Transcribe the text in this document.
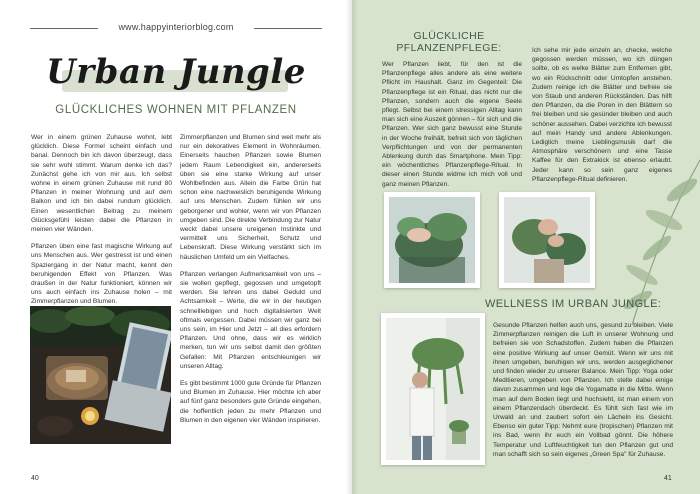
www.happyinteriorblog.com
Urban Jungle
GLÜCKLICHES WOHNEN MIT PFLANZEN

Wer in einem grünen Zuhause wohnt, lebt glücklich. Diese Formel scheint einfach und banal. Dennoch bin ich davon überzeugt, dass sie sehr wohl stimmt. Warum denke ich das? Zunächst gehe ich von mir aus. Ich selbst wohne in einem grünen Zuhause mit rund 80 Pflanzen in meiner Wohnung und auf dem Balkon und ich bin dabei rundum glücklich. Einen wesentlichen Beitrag zu meinem Glücksgefühl leisten dabei die Pflanzen in meinen vier Wänden.

Pflanzen üben eine fast magische Wirkung auf uns Menschen aus. Wer gestresst ist und einen Spaziergang in der Natur macht, kennt den beruhigenden Effekt von Pflanzen. Was draußen in der Natur funktioniert, können wir uns auch einfach ins Zuhause holen – mit Zimmerpflanzen und Blumen.

Zimmerpflanzen und Blumen sind weit mehr als nur ein dekoratives Element in Wohnräumen. Einerseits hauchen Pflanzen sowie Blumen jedem Raum Lebendigkeit ein, andererseits üben sie eine starke Wirkung auf unser Wohlbefinden aus. Allein die Farbe Grün hat schon eine nachweislich beruhigende Wirkung auf uns Menschen. Zudem fühlen wir uns geborgener und wohler, wenn wir von Pflanzen umgeben sind. Die direkte Verbindung zur Natur weckt dabei unsere ureigenen Instinkte und vermittelt uns Sicherheit, Schutz und Lebenskraft. Diese Wirkung verstärkt sich im häuslichen Umfeld um ein Vielfaches.

Pflanzen verlangen Aufmerksamkeit von uns – sie wollen gepflegt, gegossen und umgetopft werden. Sie lehren uns dabei Geduld und Achtsamkeit – Werte, die wir in der heutigen schnelllebigen und hoch digitalisierten Welt oftmals vergessen. Dabei müssen wir ganz bei uns sein, im Hier und Jetzt – all dies erfordern Pflanzen. Und ohne, dass wir es wirklich merken, tun wir uns selbst damit den größten Gefallen: Mit Pflanzen entschleunigen wir unseren Alltag.

Es gibt bestimmt 1000 gute Gründe für Pflanzen und Blumen im Zuhause. Hier möchte ich aber auf fünf ganz besonders gute Gründe eingehen, die hoffentlich jeden zu mehr Pflanzen und Blumen in den eigenen vier Wänden inspirieren.

40
GLÜCKLICHE
PFLANZENPFLEGE:

Wer Pflanzen liebt, für den ist die Pflanzenpflege alles andere als eine weitere Pflicht im Haushalt. Ganz im Gegenteil: Die Pflanzenpflege ist ein Ritual, das nicht nur die Pflanzen, sondern auch die eigene Seele pflegt. Selbst bei einem stressigen Alltag kann man sich eine Auszeit gönnen – für sich und die Pflanzen. Wer sich ganz bewusst eine Stunde in der Woche freihält, befreit sich von täglichen Verpflichtungen und von der permanenten Ablenkung durch das Smartphone. Mein Tipp: ein wöchentliches Pflanzenpflege-Ritual. In dieser einen Stunde widme ich mich voll und ganz meinen Pflanzen.

Ich sehe mir jede einzeln an, checke, welche gegossen werden müssen, wo ich düngen sollte, ob es welke Blätter zum Entfernen gibt, wo ein Rückschnitt oder Umtopfen anstehen. Zudem reinige ich die Blätter und befreie sie von Staub und anderen Rückständen. Das hilft den Pflanzen, da die Poren in den Blättern so frei bleiben und sie gesünder bleiben und auch schöner aussehen. Dabei verzichte ich bewusst auf mein Handy und andere Ablenkungen. Lediglich meine Lieblingsmusik darf die Atmosphäre verschönern und eine Tasse Kaffee für den Extrakick ist ebenso erlaubt. Jeder kann so sein ganz eigenes Pflanzenpflege-Ritual definieren.

WELLNESS IM URBAN JUNGLE:

Gesunde Pflanzen helfen auch uns, gesund zu bleiben. Viele Zimmerpflanzen reinigen die Luft in unserer Wohnung und befreien sie von Schadstoffen. Zudem haben die Pflanzen eine positive Wirkung auf unser Gemüt. Wenn wir uns mit ihnen umgeben, beruhigen wir uns, werden ausgeglichener und finden wieder zu unserer Balance. Mein Tipp: Yoga oder Meditieren, umgeben von Pflanzen. Ich stelle dabei einige davon zusammen und lege die Yogamatte in die Mitte. Wenn man auf dem Boden liegt und hochsieht, ist man einem von einem Pflanzendach überdeckt. Es fühlt sich fast wie im Urwald an und zaubert sofort ein Lächeln ins Gesicht. Ebenso ein guter Tipp: Nehmt eure (tropischen) Pflanzen mit ins Bad, wenn ihr euch ein Vollbad gönnt. Die höhere Temperatur und Luftfeuchtigkeit tun den Pflanzen gut und man schafft sich so sein eigenes „Green Spa" für Zuhause.

41
